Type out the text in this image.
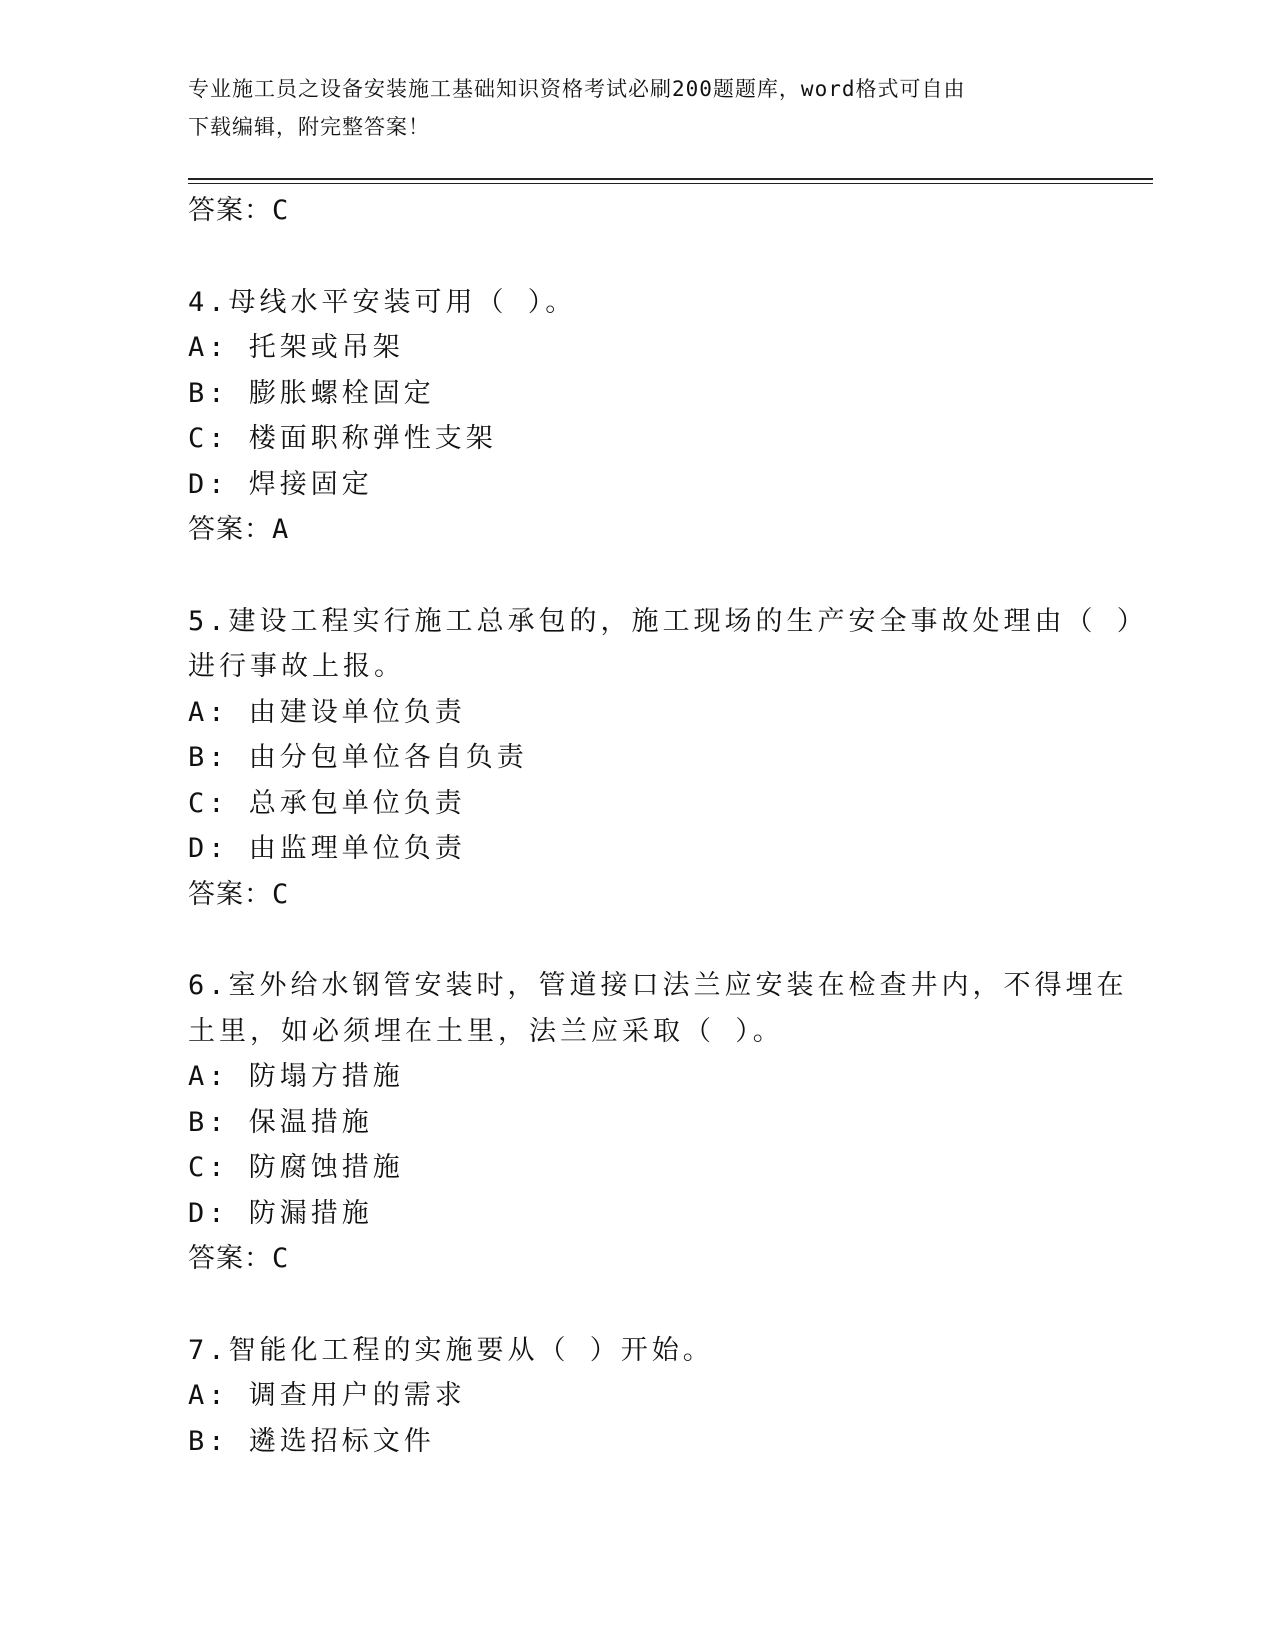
专业施工员之设备安装施工基础知识资格考试必刷200题题库，word格式可自由
下载编辑，附完整答案！
答案：C
4.母线水平安装可用（ ）。
A: 托架或吊架
B: 膨胀螺栓固定
C: 楼面职称弹性支架
D: 焊接固定
答案：A
5.建设工程实行施工总承包的，施工现场的生产安全事故处理由（ ）
进行事故上报。
A: 由建设单位负责
B: 由分包单位各自负责
C: 总承包单位负责
D: 由监理单位负责
答案：C
6.室外给水钢管安装时，管道接口法兰应安装在检查井内，不得埋在
土里，如必须埋在土里，法兰应采取（ ）。
A: 防塌方措施
B: 保温措施
C: 防腐蚀措施
D: 防漏措施
答案：C
7.智能化工程的实施要从（ ）开始。
A: 调查用户的需求
B: 遴选招标文件
